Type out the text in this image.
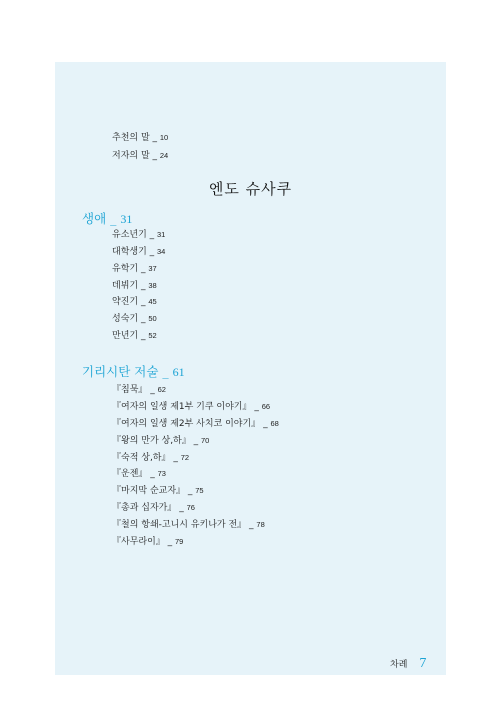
추천의 말 _ 10
저자의 말 _ 24
엔도 슈사쿠
생애 _ 31
유소년기 _ 31
대학생기 _ 34
유학기 _ 37
데뷔기 _ 38
약진기 _ 45
성숙기 _ 50
만년기 _ 52
기리시탄 저술 _ 61
『침묵』 _ 62
『여자의 일생 제1부 기쿠 이야기』 _ 66
『여자의 일생 제2부 사치코 이야기』 _ 68
『왕의 만가 상,하』 _ 70
『숙적 상,하』 _ 72
『운젠』 _ 73
『마지막 순교자』 _ 75
『총과 십자가』 _ 76
『철의 항쇄-고니시 유키나가 전』 _ 78
『사무라이』 _ 79
차례 7
